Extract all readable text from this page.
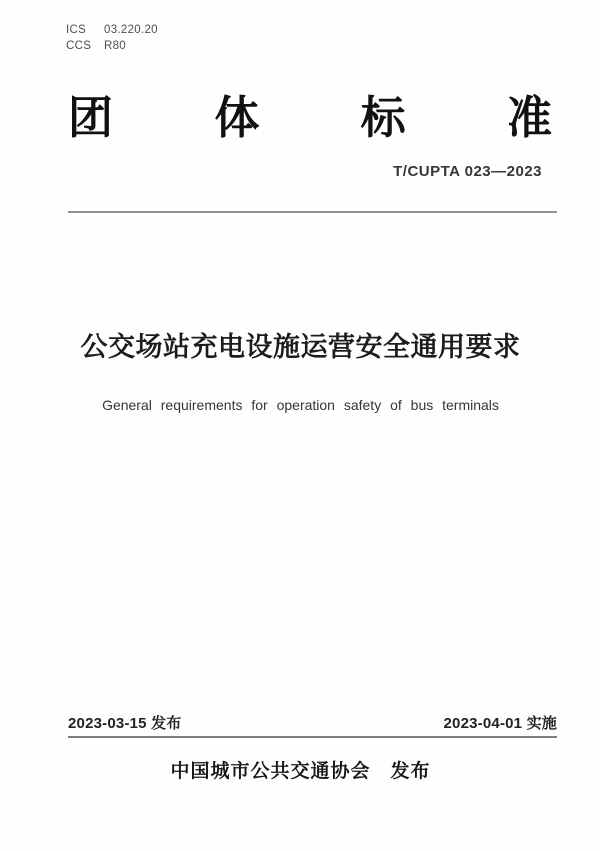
ICS	03.220.20
CCS R80
团 体 标 准
T/CUPTA 023—2023
公交场站充电设施运营安全通用要求
General requirements for operation safety of bus terminals
2023-03-15 发布	2023-04-01 实施
中国城市公共交通协会　发布
